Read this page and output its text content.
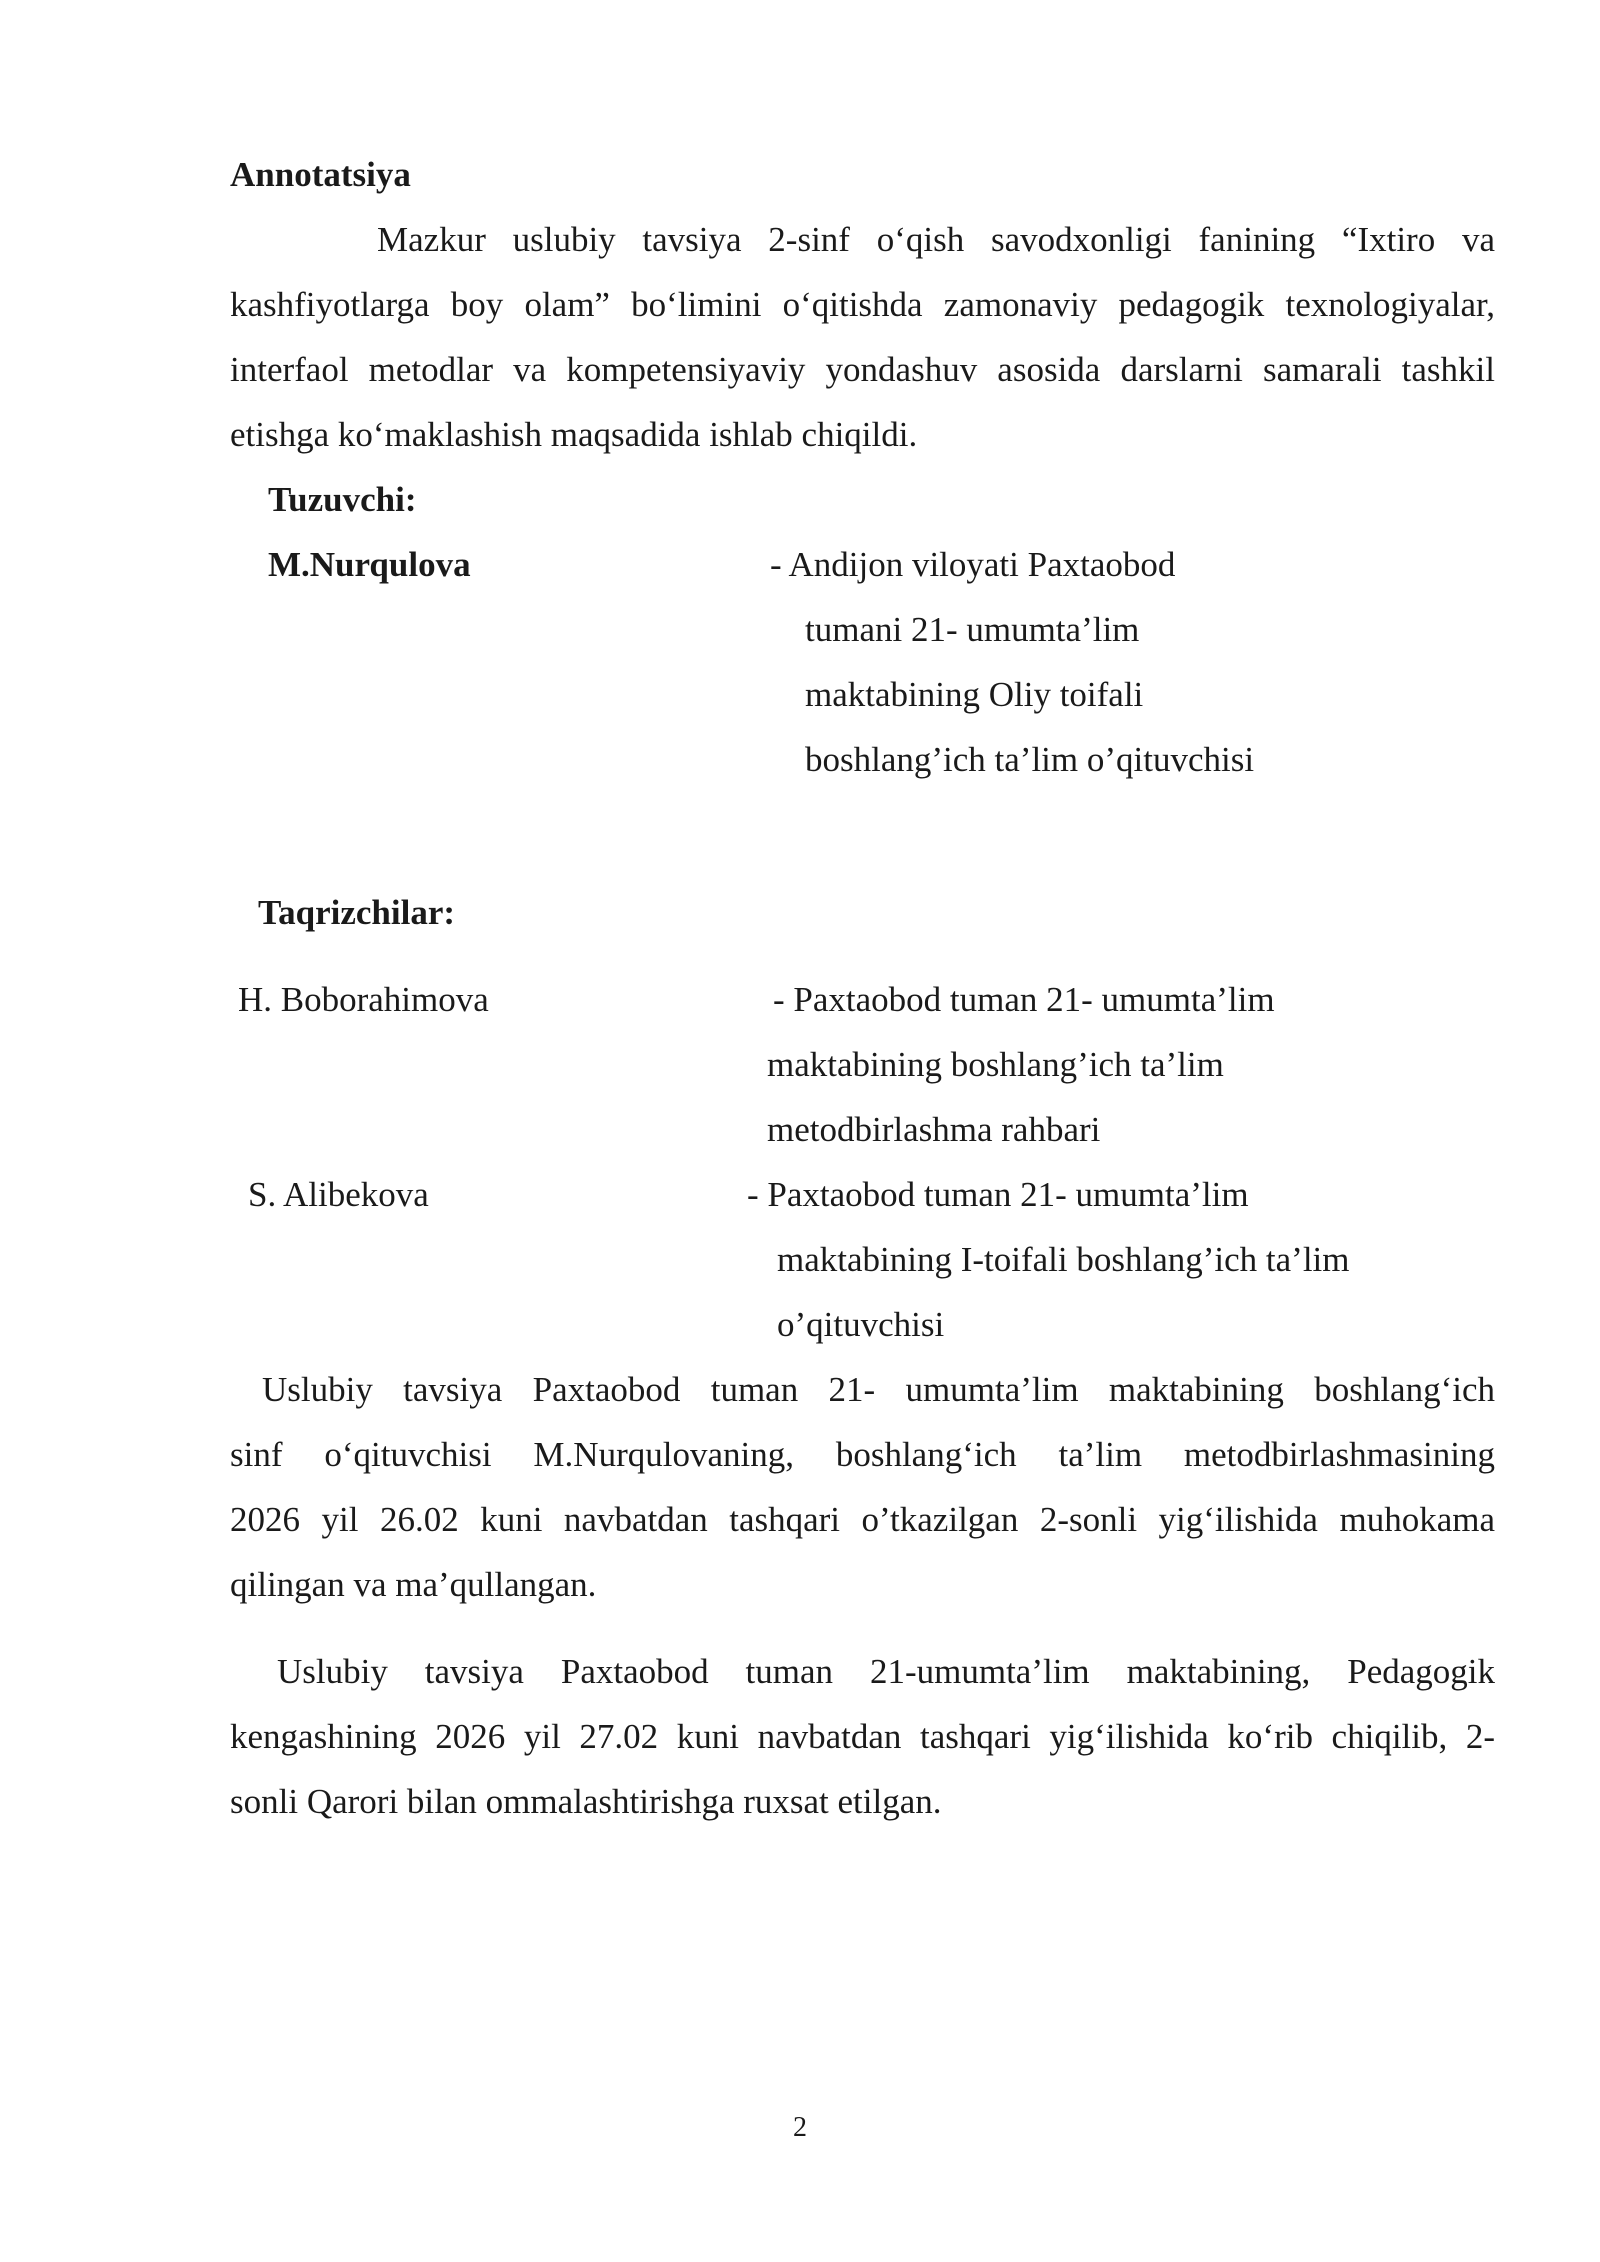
Annotatsiya

Mazkur uslubiy tavsiya 2-sinf o‘qish savodxonligi fanining “Ixtiro va

kashfiyotlarga boy olam” bo‘limini o‘qitishda zamonaviy pedagogik texnologiyalar,

interfaol metodlar va kompetensiyaviy yondashuv asosida darslarni samarali tashkil

etishga ko‘maklashish maqsadida ishlab chiqildi.

Tuzuvchi:

M.Nurqulova	- Andijon viloyati Paxtaobod

tumani 21- umumta’lim

maktabining Oliy toifali

boshlang’ich ta’lim o’qituvchisi

Taqrizchilar:

H. Boborahimova	- Paxtaobod tuman 21- umumta’lim

maktabining boshlang’ich ta’lim

metodbirlashma rahbari

S. Alibekova	- Paxtaobod tuman 21- umumta’lim

maktabining I-toifali boshlang’ich ta’lim

o’qituvchisi

Uslubiy tavsiya Paxtaobod tuman 21- umumta’lim maktabining boshlang‘ich

sinf o‘qituvchisi M.Nurqulovaning, boshlang‘ich ta’lim metodbirlashmasining

2026 yil 26.02 kuni navbatdan tashqari o’tkazilgan 2-sonli yig‘ilishida muhokama

qilingan va ma’qullangan.

Uslubiy tavsiya Paxtaobod tuman 21-umumta’lim maktabining, Pedagogik

kengashining 2026 yil 27.02 kuni navbatdan tashqari yig‘ilishida ko‘rib chiqilib, 2-

sonli Qarori bilan ommalashtirishga ruxsat etilgan.

2
